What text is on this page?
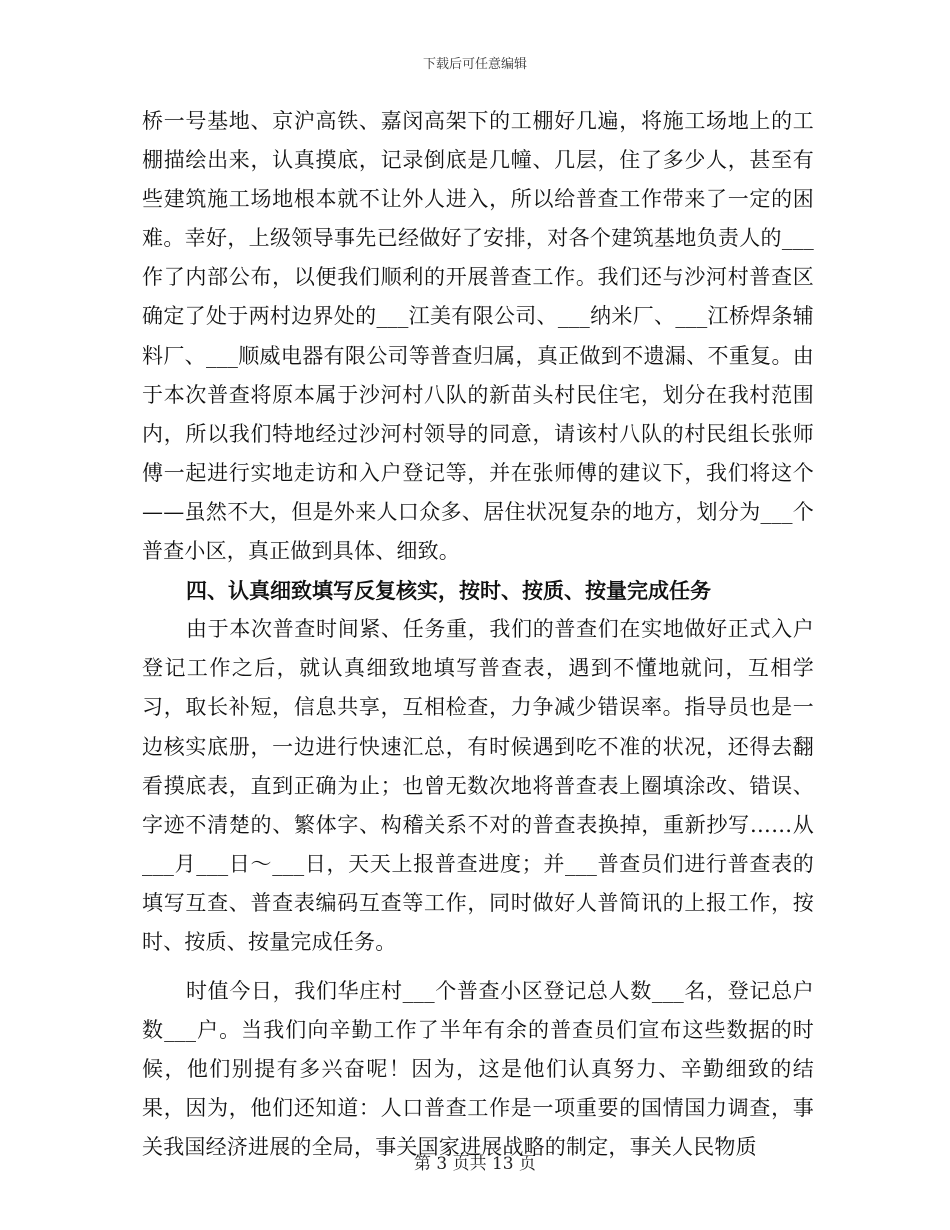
下载后可任意编辑

桥一号基地、京沪高铁、嘉闵高架下的工棚好几遍，将施工场地上的工棚描绘出来，认真摸底，记录倒底是几幢、几层，住了多少人，甚至有些建筑施工场地根本就不让外人进入，所以给普查工作带来了一定的困难。幸好，上级领导事先已经做好了安排，对各个建筑基地负责人的___作了内部公布，以便我们顺利的开展普查工作。我们还与沙河村普查区确定了处于两村边界处的___江美有限公司、___纳米厂、___江桥焊条辅料厂、___顺威电器有限公司等普查归属，真正做到不遗漏、不重复。由于本次普查将原本属于沙河村八队的新苗头村民住宅，划分在我村范围内，所以我们特地经过沙河村领导的同意，请该村八队的村民组长张师傅一起进行实地走访和入户登记等，并在张师傅的建议下，我们将这个——虽然不大，但是外来人口众多、居住状况复杂的地方，划分为___个普查小区，真正做到具体、细致。

四、认真细致填写反复核实，按时、按质、按量完成任务

由于本次普查时间紧、任务重，我们的普查们在实地做好正式入户登记工作之后，就认真细致地填写普查表，遇到不懂地就问，互相学习，取长补短，信息共享，互相检查，力争减少错误率。指导员也是一边核实底册，一边进行快速汇总，有时候遇到吃不准的状况，还得去翻看摸底表，直到正确为止；也曾无数次地将普查表上圈填涂改、错误、字迹不清楚的、繁体字、构稽关系不对的普查表换掉，重新抄写……从___月___日～___日，天天上报普查进度；并___普查员们进行普查表的填写互查、普查表编码互查等工作，同时做好人普简讯的上报工作，按时、按质、按量完成任务。

时值今日，我们华庄村___个普查小区登记总人数___名，登记总户数___户。当我们向辛勤工作了半年有余的普查员们宣布这些数据的时候，他们别提有多兴奋呢！因为，这是他们认真努力、辛勤细致的结果，因为，他们还知道：人口普查工作是一项重要的国情国力调查，事关我国经济进展的全局，事关国家进展战略的制定，事关人民物质

第 3 页共 13 页
